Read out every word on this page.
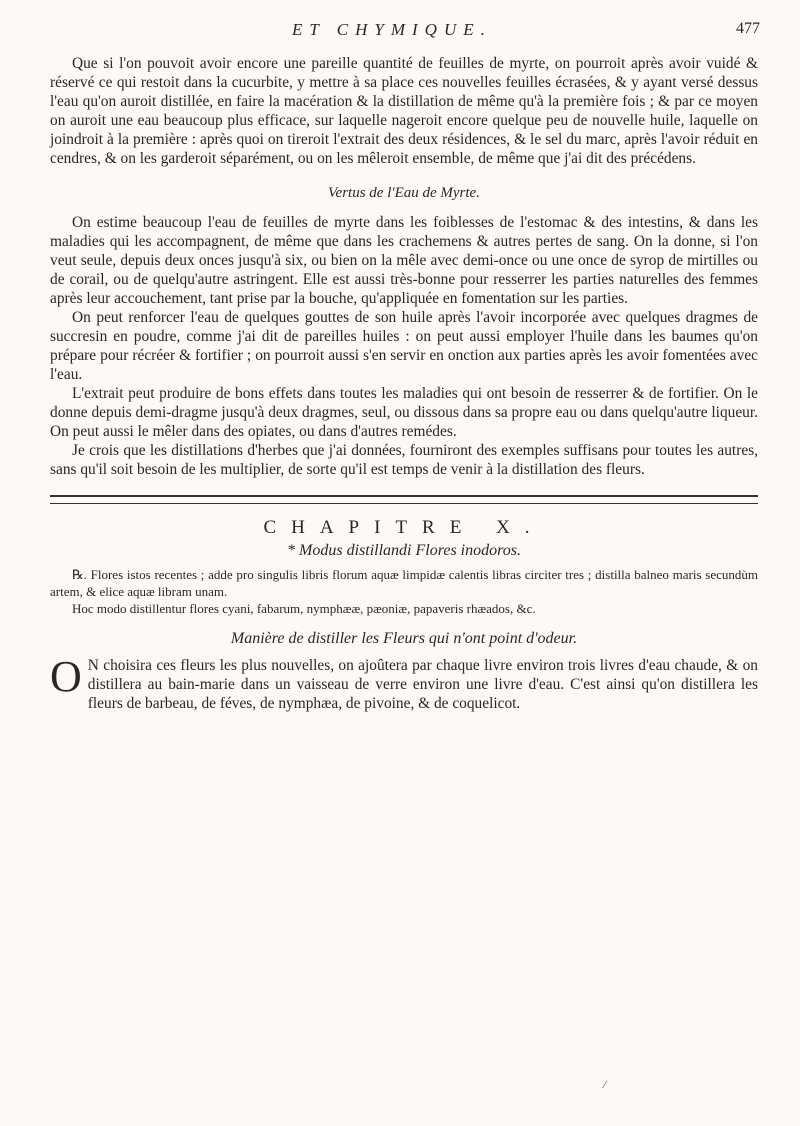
ET CHYMIQUE.	477

Que si l'on pouvoit avoir encore une pareille quantité de feuilles de myrte, on pourroit après avoir vuidé & réservé ce qui restoit dans la cucurbite, y mettre à sa place ces nouvelles feuilles écrasées, & y ayant versé dessus l'eau qu'on auroit distillée, en faire la macération & la distillation de même qu'à la première fois ; & par ce moyen on auroit une eau beaucoup plus efficace, sur laquelle nageroit encore quelque peu de nouvelle huile, laquelle on joindroit à la première : après quoi on tireroit l'extrait des deux résidences, & le sel du marc, après l'avoir réduit en cendres, & on les garderoit séparément, ou on les mêleroit ensemble, de même que j'ai dit des précédens.

Vertus de l'Eau de Myrte.

On estime beaucoup l'eau de feuilles de myrte dans les foiblesses de l'estomac & des intestins, & dans les maladies qui les accompagnent, de même que dans les crachemens & autres pertes de sang. On la donne, si l'on veut seule, depuis deux onces jusqu'à six, ou bien on la mêle avec demi-once ou une once de syrop de mirtilles ou de corail, ou de quelqu'autre astringent. Elle est aussi très-bonne pour resserrer les parties naturelles des femmes après leur accouchement, tant prise par la bouche, qu'appliquée en fomentation sur les parties.

On peut renforcer l'eau de quelques gouttes de son huile après l'avoir incorporée avec quelques dragmes de succresin en poudre, comme j'ai dit de pareilles huiles : on peut aussi employer l'huile dans les baumes qu'on prépare pour récréer & fortifier ; on pourroit aussi s'en servir en onction aux parties après les avoir fomentées avec l'eau.

L'extrait peut produire de bons effets dans toutes les maladies qui ont besoin de resserrer & de fortifier. On le donne depuis demi-dragme jusqu'à deux dragmes, seul, ou dissous dans sa propre eau ou dans quelqu'autre liqueur. On peut aussi le mêler dans des opiates, ou dans d'autres remédes.

Je crois que les distillations d'herbes que j'ai données, fourniront des exemples suffisans pour toutes les autres, sans qu'il soit besoin de les multiplier, de sorte qu'il est temps de venir à la distillation des fleurs.

CHAPITRE X.
* Modus distillandi Flores inodoros.

℞. Flores istos recentes ; adde pro singulis libris florum aquæ limpidæ calentis libras circiter tres ; distilla balneo maris secundùm artem, & elice aquæ libram unam.

Hoc modo distillentur flores cyani, fabarum, nymphææ, pæoniæ, papaveris rhæados, &c.

Manière de distiller les Fleurs qui n'ont point d'odeur.

O N choisira ces fleurs les plus nouvelles, on ajoûtera par chaque livre environ trois livres d'eau chaude, & on distillera au bain-marie dans un vaisseau de verre environ une livre d'eau. C'est ainsi qu'on distillera les fleurs de barbeau, de féves, de nymphæa, de pivoine, & de coquelicot.

⁄
